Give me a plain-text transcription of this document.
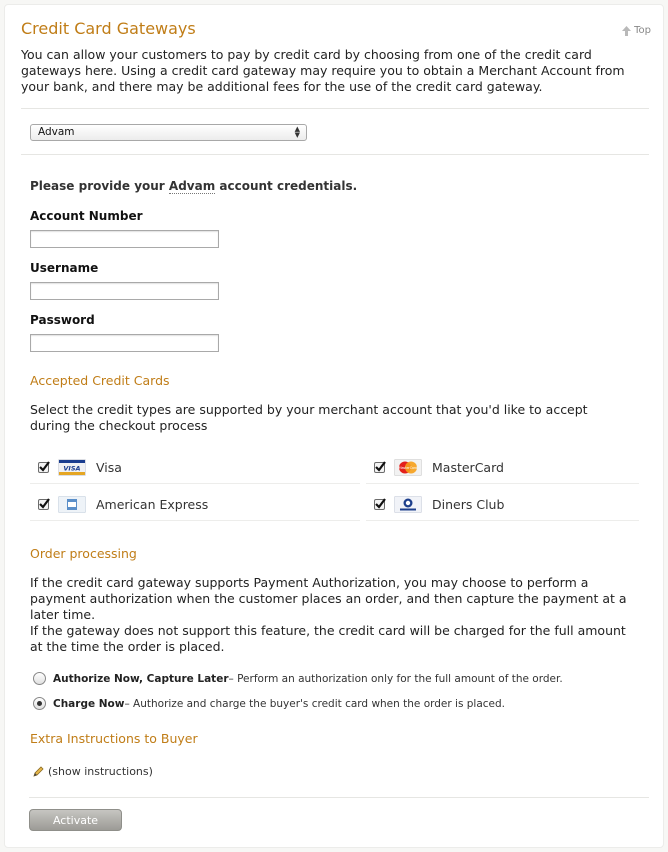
Credit Card Gateways	Top

You can allow your customers to pay by credit card by choosing from one of the credit card gateways here. Using a credit card gateway may require you to obtain a Merchant Account from your bank, and there may be additional fees for the use of the credit card gateway.

Advam	▲
▼
Please provide your Advam account credentials.
Account Number
Username
Password
Accepted Credit Cards

Select the credit types are supported by your merchant account that you'd like to accept during the checkout process

VISA Visa	MasterCard MasterCard
American Express	Diners Club
Order processing

If the credit card gateway supports Payment Authorization, you may choose to perform a payment authorization when the customer places an order, and then capture the payment at a later time.

If the gateway does not support this feature, the credit card will be charged for the full amount at the time the order is placed.

Authorize Now, Capture Later – Perform an authorization only for the full amount of the order.
Charge Now – Authorize and charge the buyer's credit card when the order is placed.
Extra Instructions to Buyer
(show instructions)
Activate
